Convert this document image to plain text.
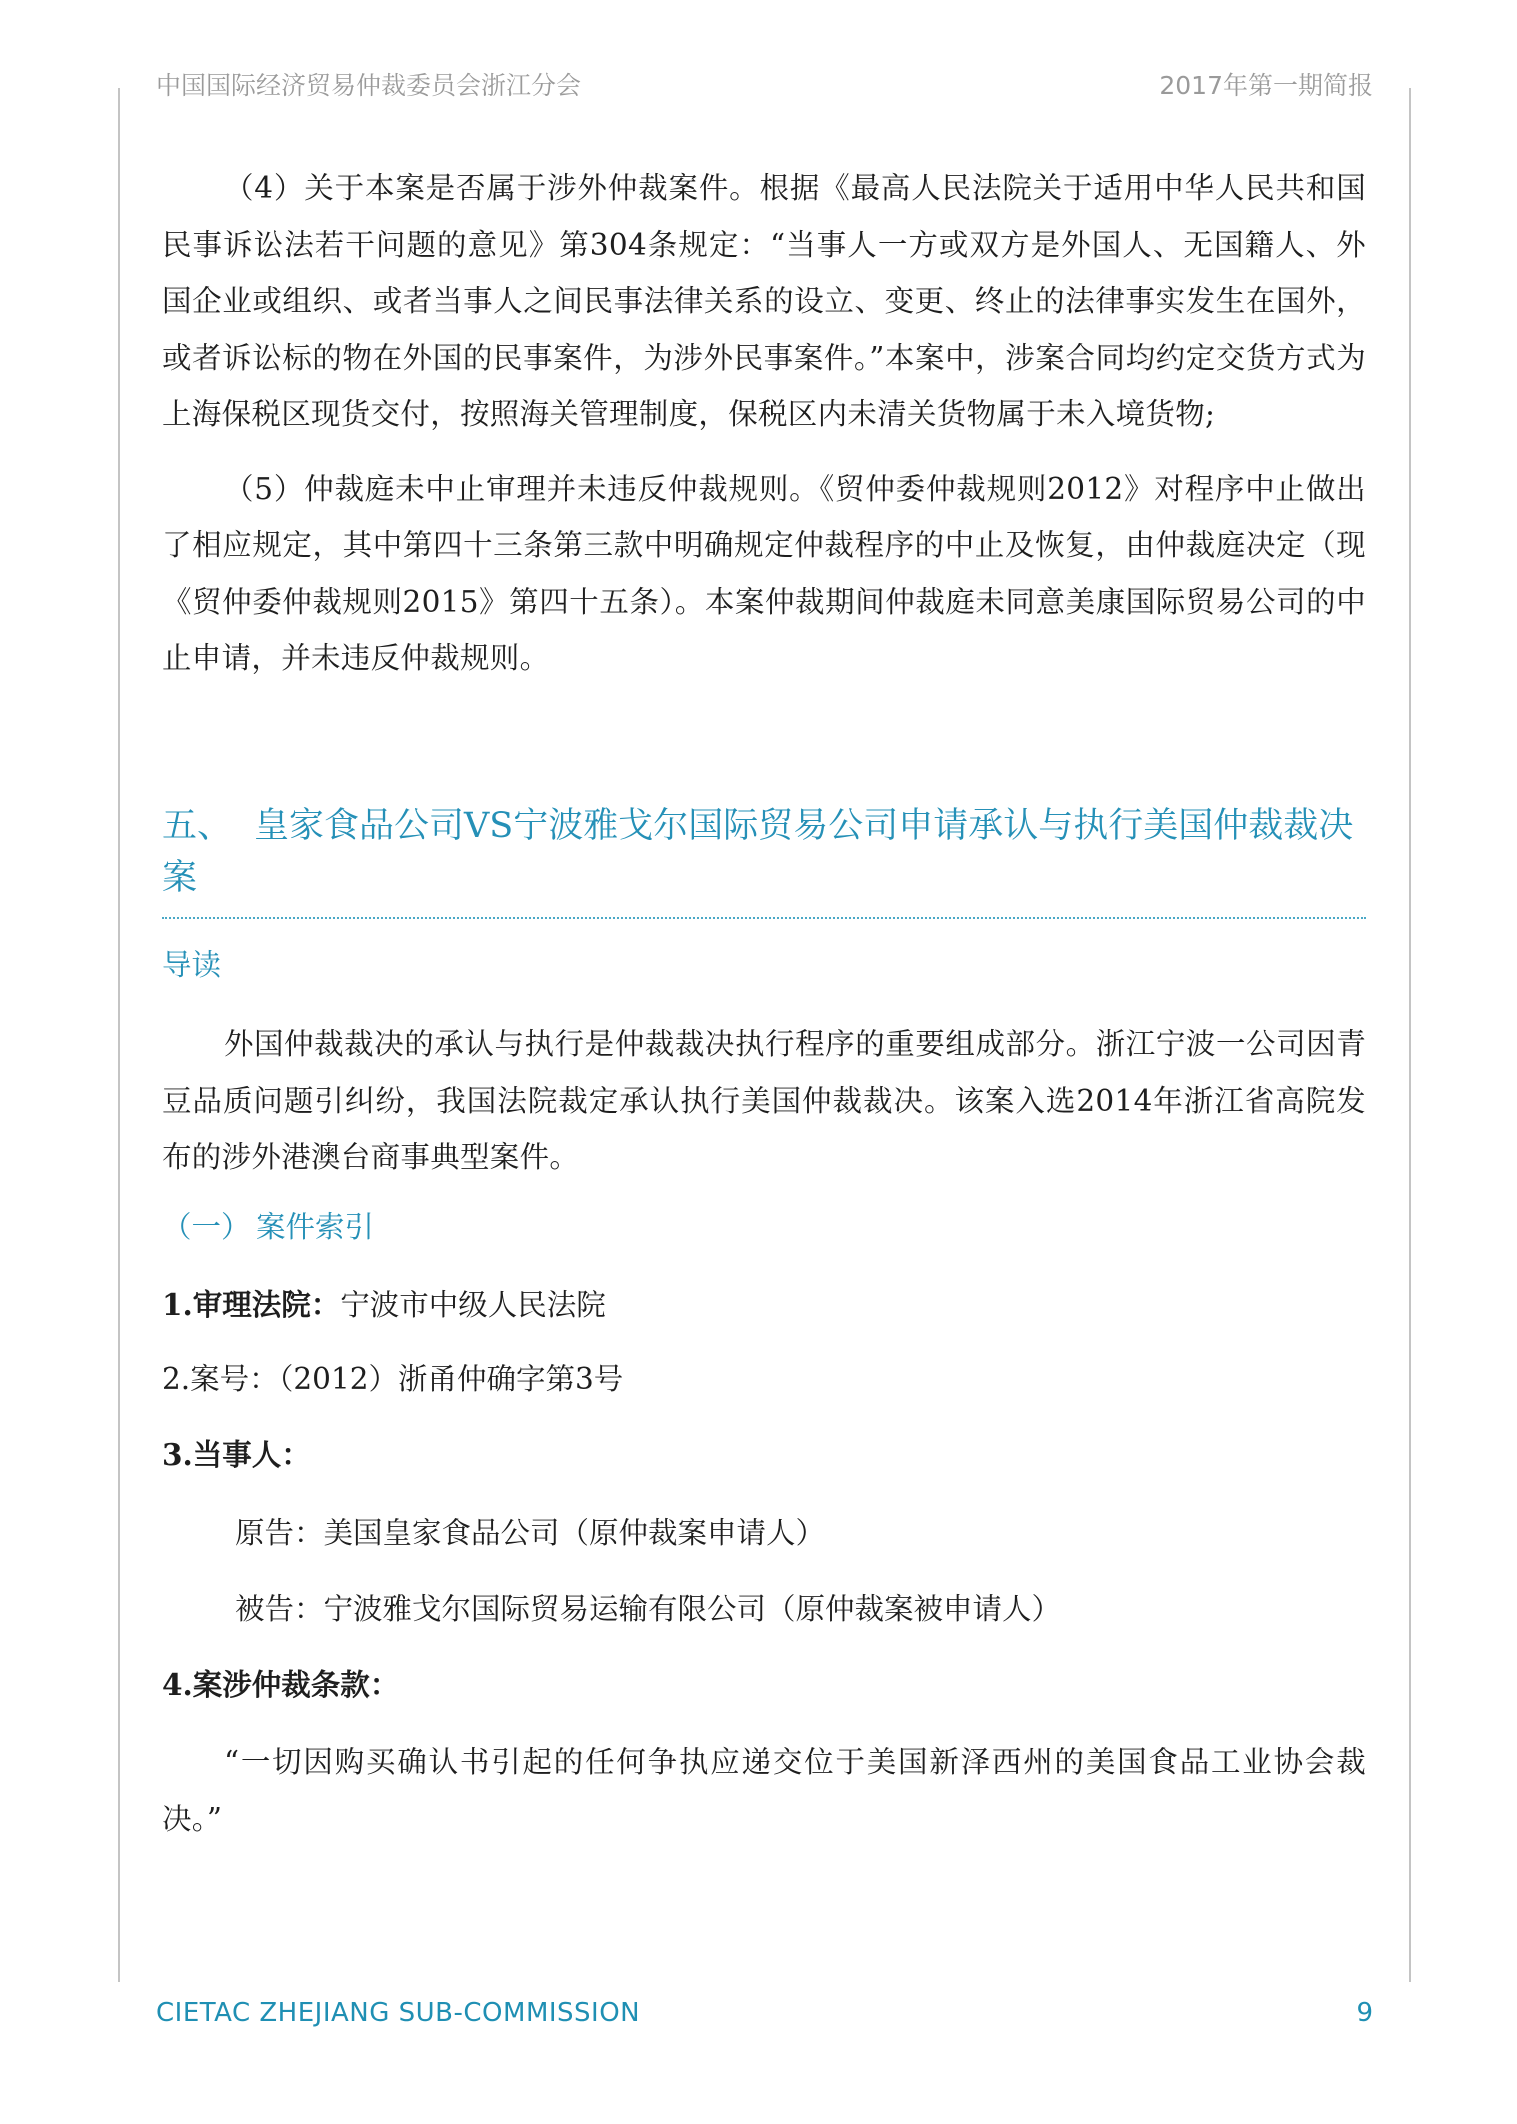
中国国际经济贸易仲裁委员会浙江分会	2017年第一期简报

（4）关于本案是否属于涉外仲裁案件。根据《最高人民法院关于适用中华人民共和国民事诉讼法若干问题的意见》第304条规定：“当事人一方或双方是外国人、无国籍人、外国企业或组织、或者当事人之间民事法律关系的设立、变更、终止的法律事实发生在国外，或者诉讼标的物在外国的民事案件，为涉外民事案件。”本案中，涉案合同均约定交货方式为上海保税区现货交付，按照海关管理制度，保税区内未清关货物属于未入境货物;

（5）仲裁庭未中止审理并未违反仲裁规则。《贸仲委仲裁规则2012》对程序中止做出了相应规定，其中第四十三条第三款中明确规定仲裁程序的中止及恢复，由仲裁庭决定（现《贸仲委仲裁规则2015》第四十五条）。本案仲裁期间仲裁庭未同意美康国际贸易公司的中止申请，并未违反仲裁规则。

五、 皇家食品公司VS宁波雅戈尔国际贸易公司申请承认与执行美国仲裁裁决案
导读

外国仲裁裁决的承认与执行是仲裁裁决执行程序的重要组成部分。浙江宁波一公司因青豆品质问题引纠纷，我国法院裁定承认执行美国仲裁裁决。该案入选2014年浙江省高院发布的涉外港澳台商事典型案件。

（一） 案件索引
1.审理法院：宁波市中级人民法院
2.案号：（2012）浙甬仲确字第3号
3.当事人：
原告：美国皇家食品公司（原仲裁案申请人）
被告：宁波雅戈尔国际贸易运输有限公司（原仲裁案被申请人）
4.案涉仲裁条款：

“一切因购买确认书引起的任何争执应递交位于美国新泽西州的美国食品工业协会裁决。”

CIETAC ZHEJIANG SUB-COMMISSION	9
